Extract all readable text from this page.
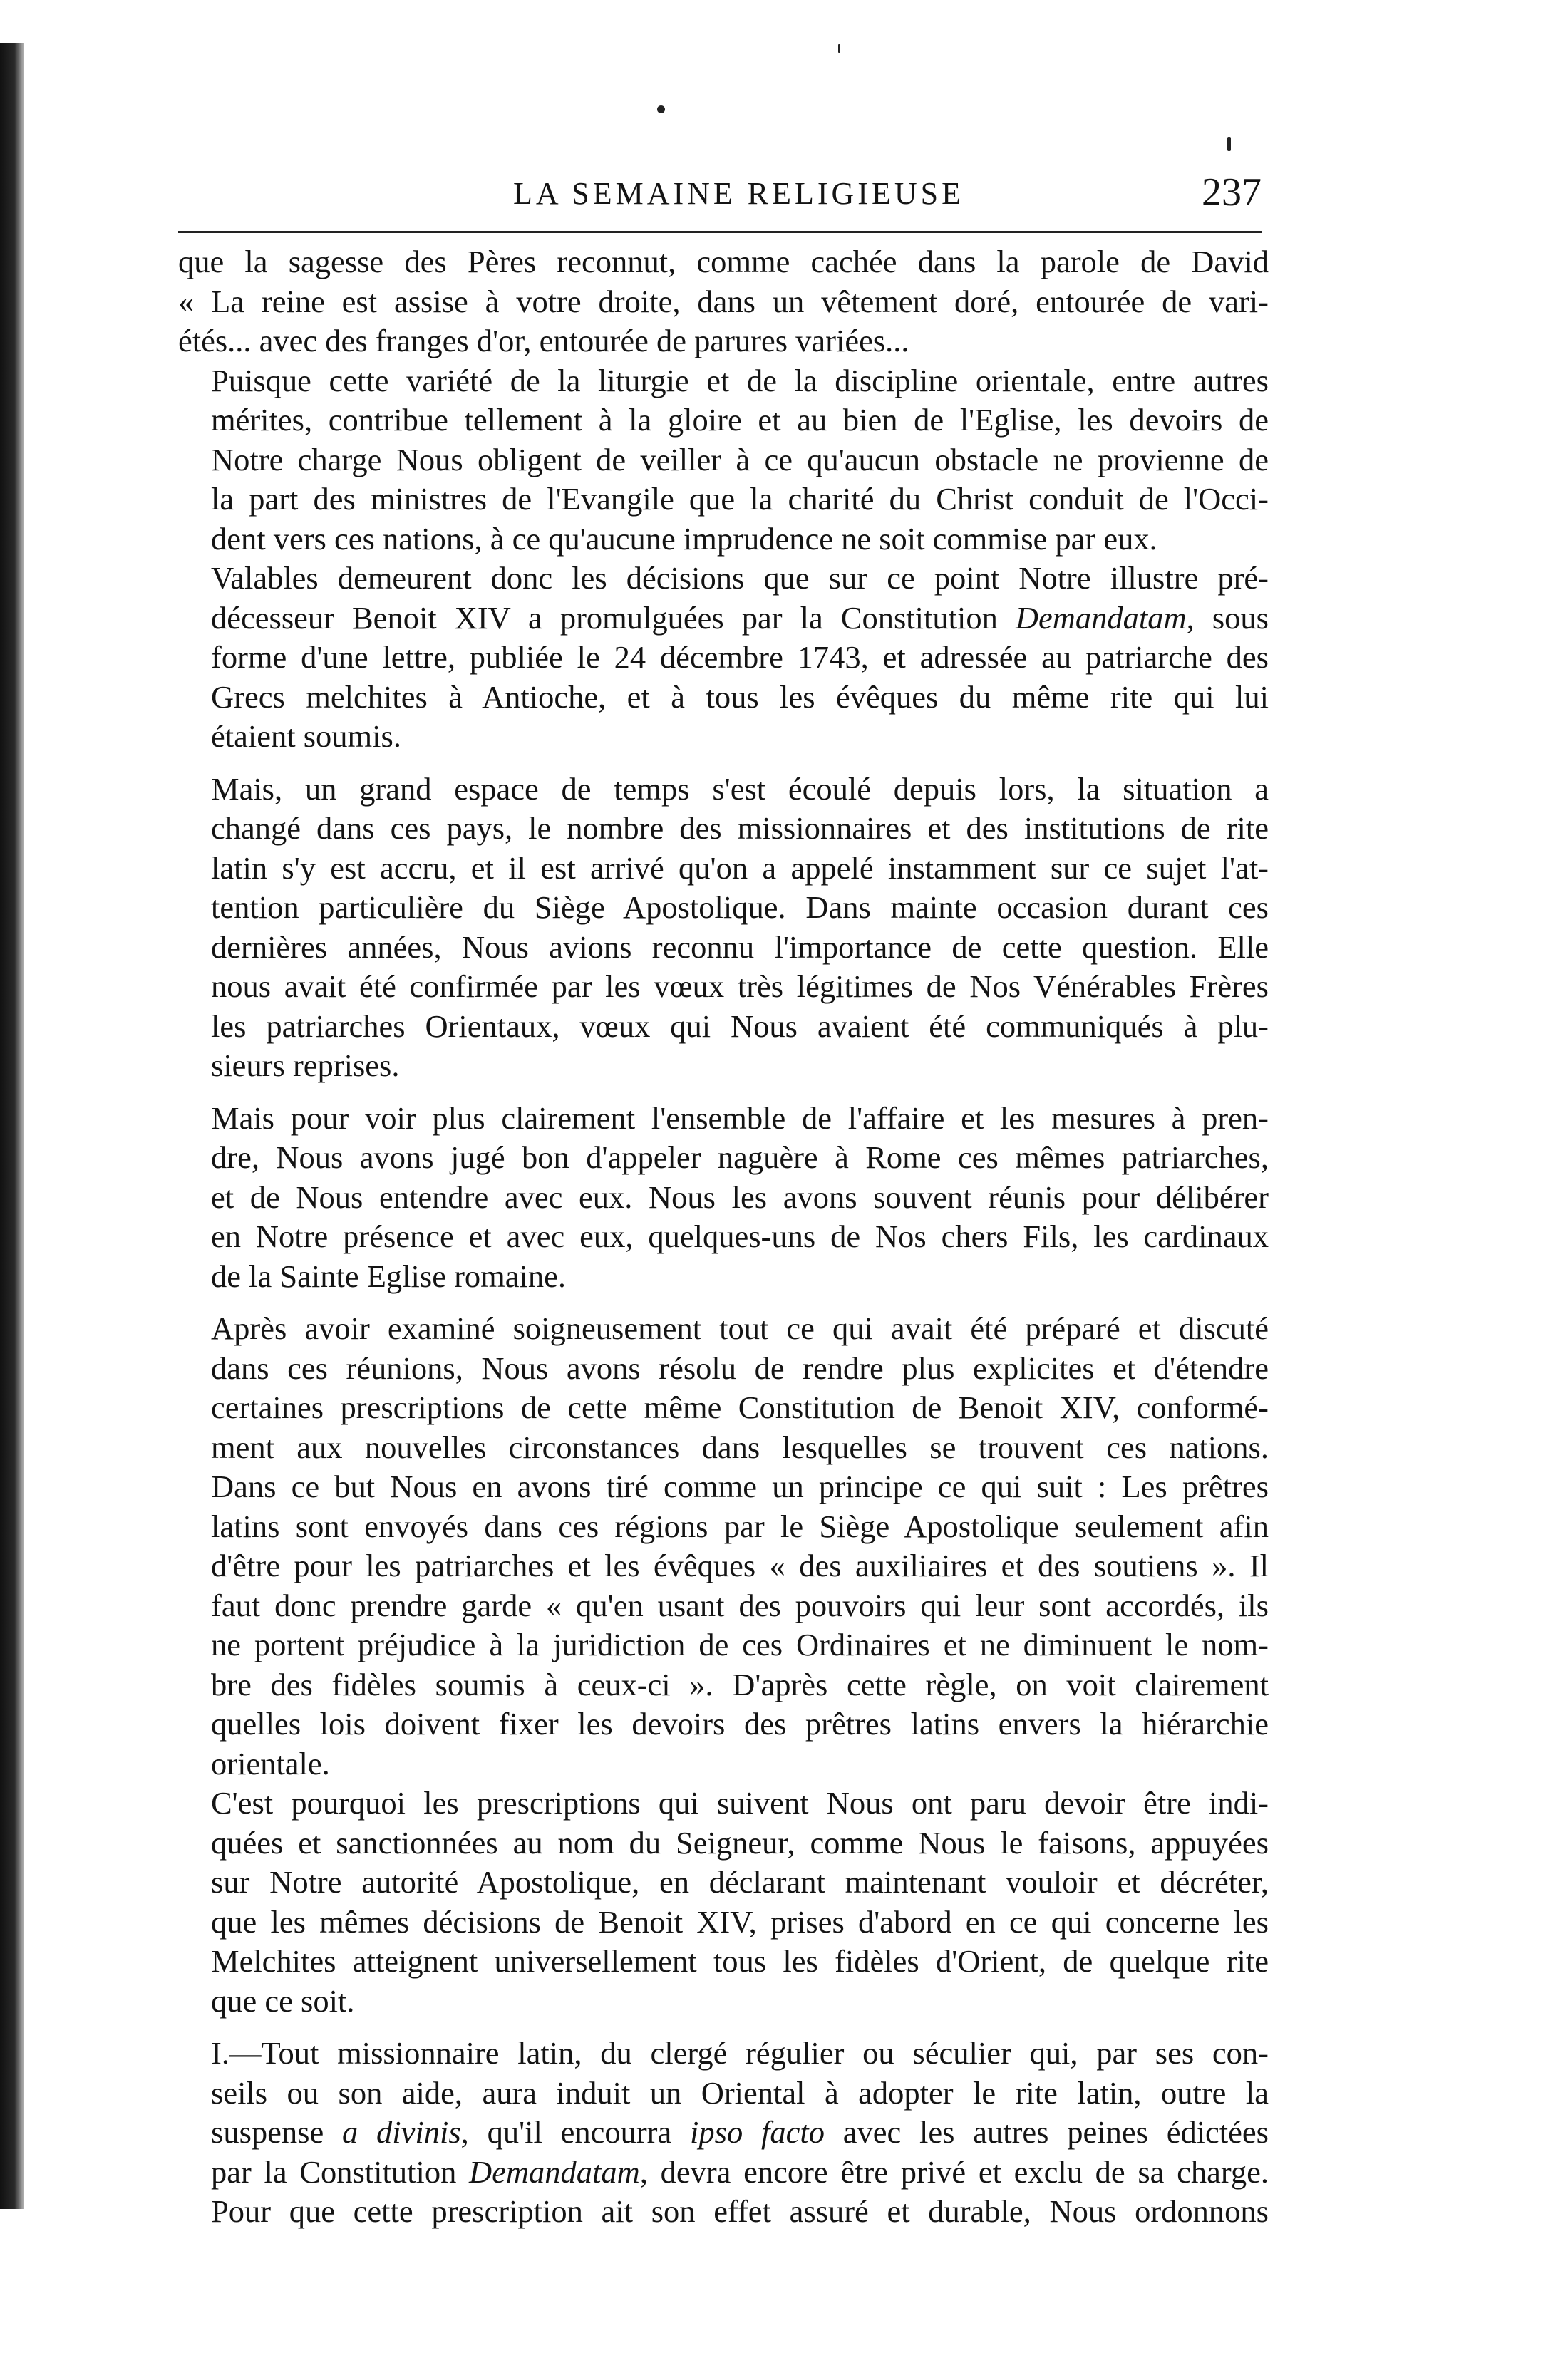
LA SEMAINE RELIGIEUSE	237

que la sagesse des Pères reconnut, comme cachée dans la parole de David
« La reine est assise à votre droite, dans un vêtement doré, entourée de vari-
étés... avec des franges d'or, entourée de parures variées...

Puisque cette variété de la liturgie et de la discipline orientale, entre autres
mérites, contribue tellement à la gloire et au bien de l'Eglise, les devoirs de
Notre charge Nous obligent de veiller à ce qu'aucun obstacle ne provienne de
la part des ministres de l'Evangile que la charité du Christ conduit de l'Occi-
dent vers ces nations, à ce qu'aucune imprudence ne soit commise par eux.

Valables demeurent donc les décisions que sur ce point Notre illustre pré-
décesseur Benoit XIV a promulguées par la Constitution Demandatam, sous
forme d'une lettre, publiée le 24 décembre 1743, et adressée au patriarche des
Grecs melchites à Antioche, et à tous les évêques du même rite qui lui
étaient soumis.

Mais, un grand espace de temps s'est écoulé depuis lors, la situation a
changé dans ces pays, le nombre des missionnaires et des institutions de rite
latin s'y est accru, et il est arrivé qu'on a appelé instamment sur ce sujet l'at-
tention particulière du Siège Apostolique. Dans mainte occasion durant ces
dernières années, Nous avions reconnu l'importance de cette question. Elle
nous avait été confirmée par les vœux très légitimes de Nos Vénérables Frères
les patriarches Orientaux, vœux qui Nous avaient été communiqués à plu-
sieurs reprises.

Mais pour voir plus clairement l'ensemble de l'affaire et les mesures à pren-
dre, Nous avons jugé bon d'appeler naguère à Rome ces mêmes patriarches,
et de Nous entendre avec eux. Nous les avons souvent réunis pour délibérer
en Notre présence et avec eux, quelques-uns de Nos chers Fils, les cardinaux
de la Sainte Eglise romaine.

Après avoir examiné soigneusement tout ce qui avait été préparé et discuté
dans ces réunions, Nous avons résolu de rendre plus explicites et d'étendre
certaines prescriptions de cette même Constitution de Benoit XIV, conformé-
ment aux nouvelles circonstances dans lesquelles se trouvent ces nations.
Dans ce but Nous en avons tiré comme un principe ce qui suit : Les prêtres
latins sont envoyés dans ces régions par le Siège Apostolique seulement afin
d'être pour les patriarches et les évêques « des auxiliaires et des soutiens ». Il
faut donc prendre garde « qu'en usant des pouvoirs qui leur sont accordés, ils
ne portent préjudice à la juridiction de ces Ordinaires et ne diminuent le nom-
bre des fidèles soumis à ceux-ci ». D'après cette règle, on voit clairement
quelles lois doivent fixer les devoirs des prêtres latins envers la hiérarchie
orientale.

C'est pourquoi les prescriptions qui suivent Nous ont paru devoir être indi-
quées et sanctionnées au nom du Seigneur, comme Nous le faisons, appuyées
sur Notre autorité Apostolique, en déclarant maintenant vouloir et décréter,
que les mêmes décisions de Benoit XIV, prises d'abord en ce qui concerne les
Melchites atteignent universellement tous les fidèles d'Orient, de quelque rite
que ce soit.

I.—Tout missionnaire latin, du clergé régulier ou séculier qui, par ses con-
seils ou son aide, aura induit un Oriental à adopter le rite latin, outre la
suspense a divinis, qu'il encourra ipso facto avec les autres peines édictées
par la Constitution Demandatam, devra encore être privé et exclu de sa charge.
Pour que cette prescription ait son effet assuré et durable, Nous ordonnons
